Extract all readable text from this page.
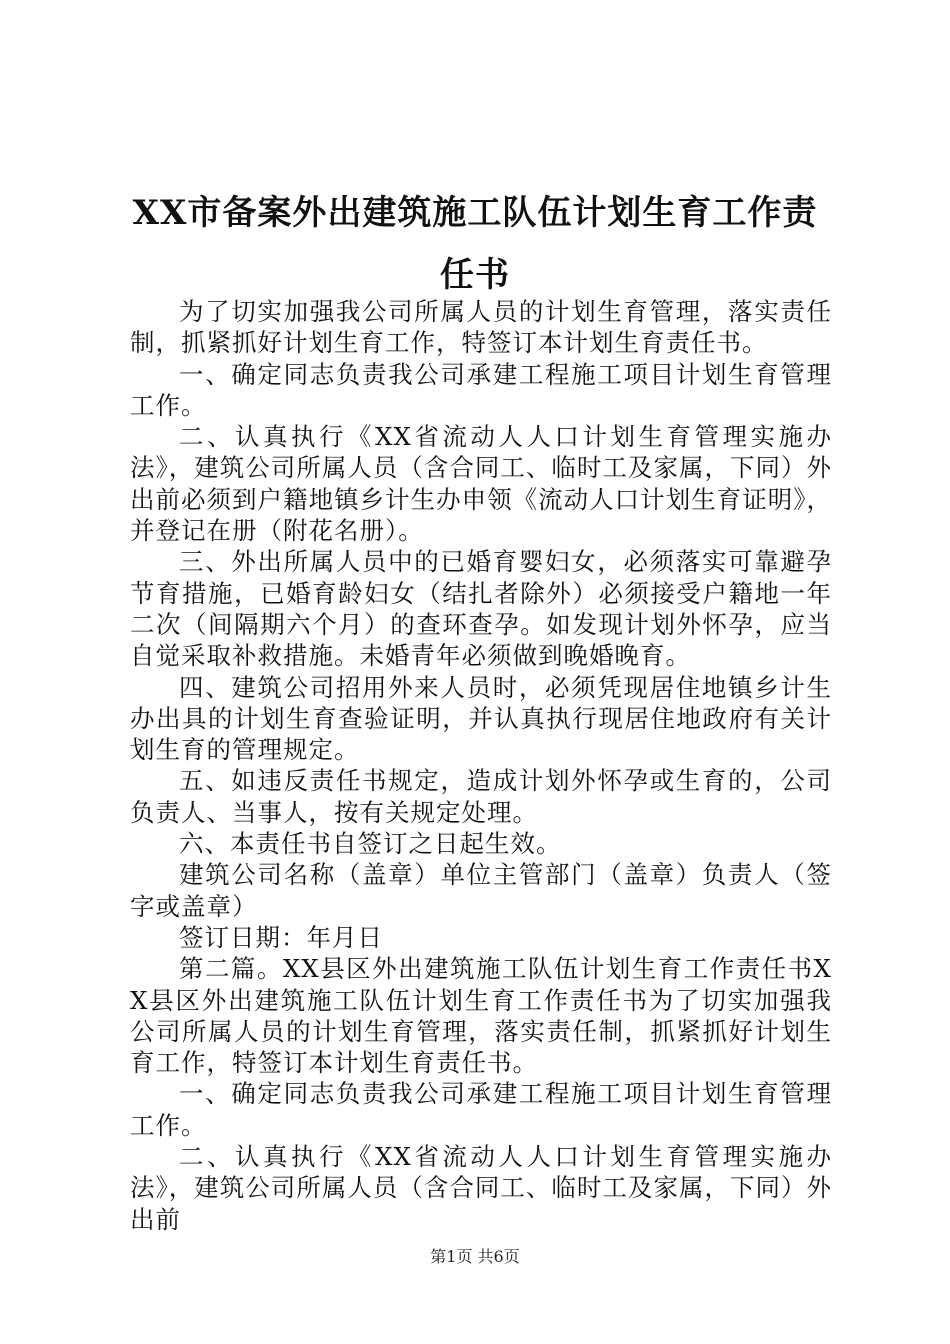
XX市备案外出建筑施工队伍计划生育工作责任书

为了切实加强我公司所属人员的计划生育管理，落实责任制，抓紧抓好计划生育工作，特签订本计划生育责任书。

一、确定同志负责我公司承建工程施工项目计划生育管理工作。

二、认真执行《XX省流动人人口计划生育管理实施办法》，建筑公司所属人员（含合同工、临时工及家属，下同）外出前必须到户籍地镇乡计生办申领《流动人口计划生育证明》，并登记在册（附花名册）。

三、外出所属人员中的已婚育婴妇女，必须落实可靠避孕节育措施，已婚育龄妇女（结扎者除外）必须接受户籍地一年二次（间隔期六个月）的查环查孕。如发现计划外怀孕，应当自觉采取补救措施。未婚青年必须做到晚婚晚育。

四、建筑公司招用外来人员时，必须凭现居住地镇乡计生办出具的计划生育查验证明，并认真执行现居住地政府有关计划生育的管理规定。

五、如违反责任书规定，造成计划外怀孕或生育的，公司负责人、当事人，按有关规定处理。

六、本责任书自签订之日起生效。

建筑公司名称（盖章）单位主管部门（盖章）负责人（签字或盖章）

签订日期：年月日

第二篇。XX县区外出建筑施工队伍计划生育工作责任书XX县区外出建筑施工队伍计划生育工作责任书为了切实加强我公司所属人员的计划生育管理，落实责任制，抓紧抓好计划生育工作，特签订本计划生育责任书。

一、确定同志负责我公司承建工程施工项目计划生育管理工作。

二、认真执行《XX省流动人人口计划生育管理实施办法》，建筑公司所属人员（含合同工、临时工及家属，下同）外出前

第1页 共6页
